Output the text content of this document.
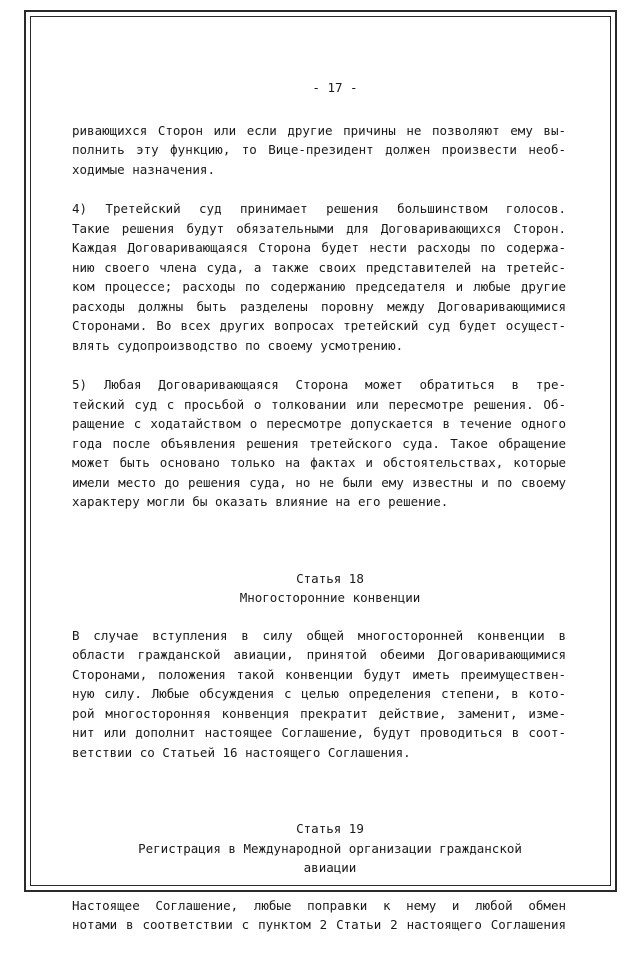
- 17 -
ривающихся Сторон или если другие причины не позволяют ему вы-
полнить эту функцию, то Вице-президент должен произвести необ-
ходимые назначения.
4) Третейский суд принимает решения большинством голосов.
Такие решения будут обязательными для Договаривающихся Сторон.
Каждая Договаривающаяся Сторона будет нести расходы по содержа-
нию своего члена суда, а также своих представителей на третейс-
ком процессе; расходы по содержанию председателя и любые другие
расходы должны быть разделены поровну между Договаривающимися
Сторонами. Во всех других вопросах третейский суд будет осущест-
влять судопроизводство по своему усмотрению.
5) Любая Договаривающаяся Сторона может обратиться в тре-
тейский суд с просьбой о толковании или пересмотре решения. Об-
ращение с ходатайством о пересмотре допускается в течение одного
года после объявления решения третейского суда. Такое обращение
может быть основано только на фактах и обстоятельствах, которые
имели место до решения суда, но не были ему известны и по своему
характеру могли бы оказать влияние на его решение.
Статья 18
Многосторонние конвенции
В случае вступления в силу общей многосторонней конвенции в
области гражданской авиации, принятой обеими Договаривающимися
Сторонами, положения такой конвенции будут иметь преимуществен-
ную силу. Любые обсуждения с целью определения степени, в кото-
рой многосторонняя конвенция прекратит действие, заменит, изме-
нит или дополнит настоящее Соглашение, будут проводиться в соот-
ветствии со Статьей 16 настоящего Соглашения.
Статья 19
Регистрация в Международной организации гражданской
авиации
Настоящее Соглашение, любые поправки к нему и любой обмен
нотами в соответствии с пунктом 2 Статьи 2 настоящего Соглашения
